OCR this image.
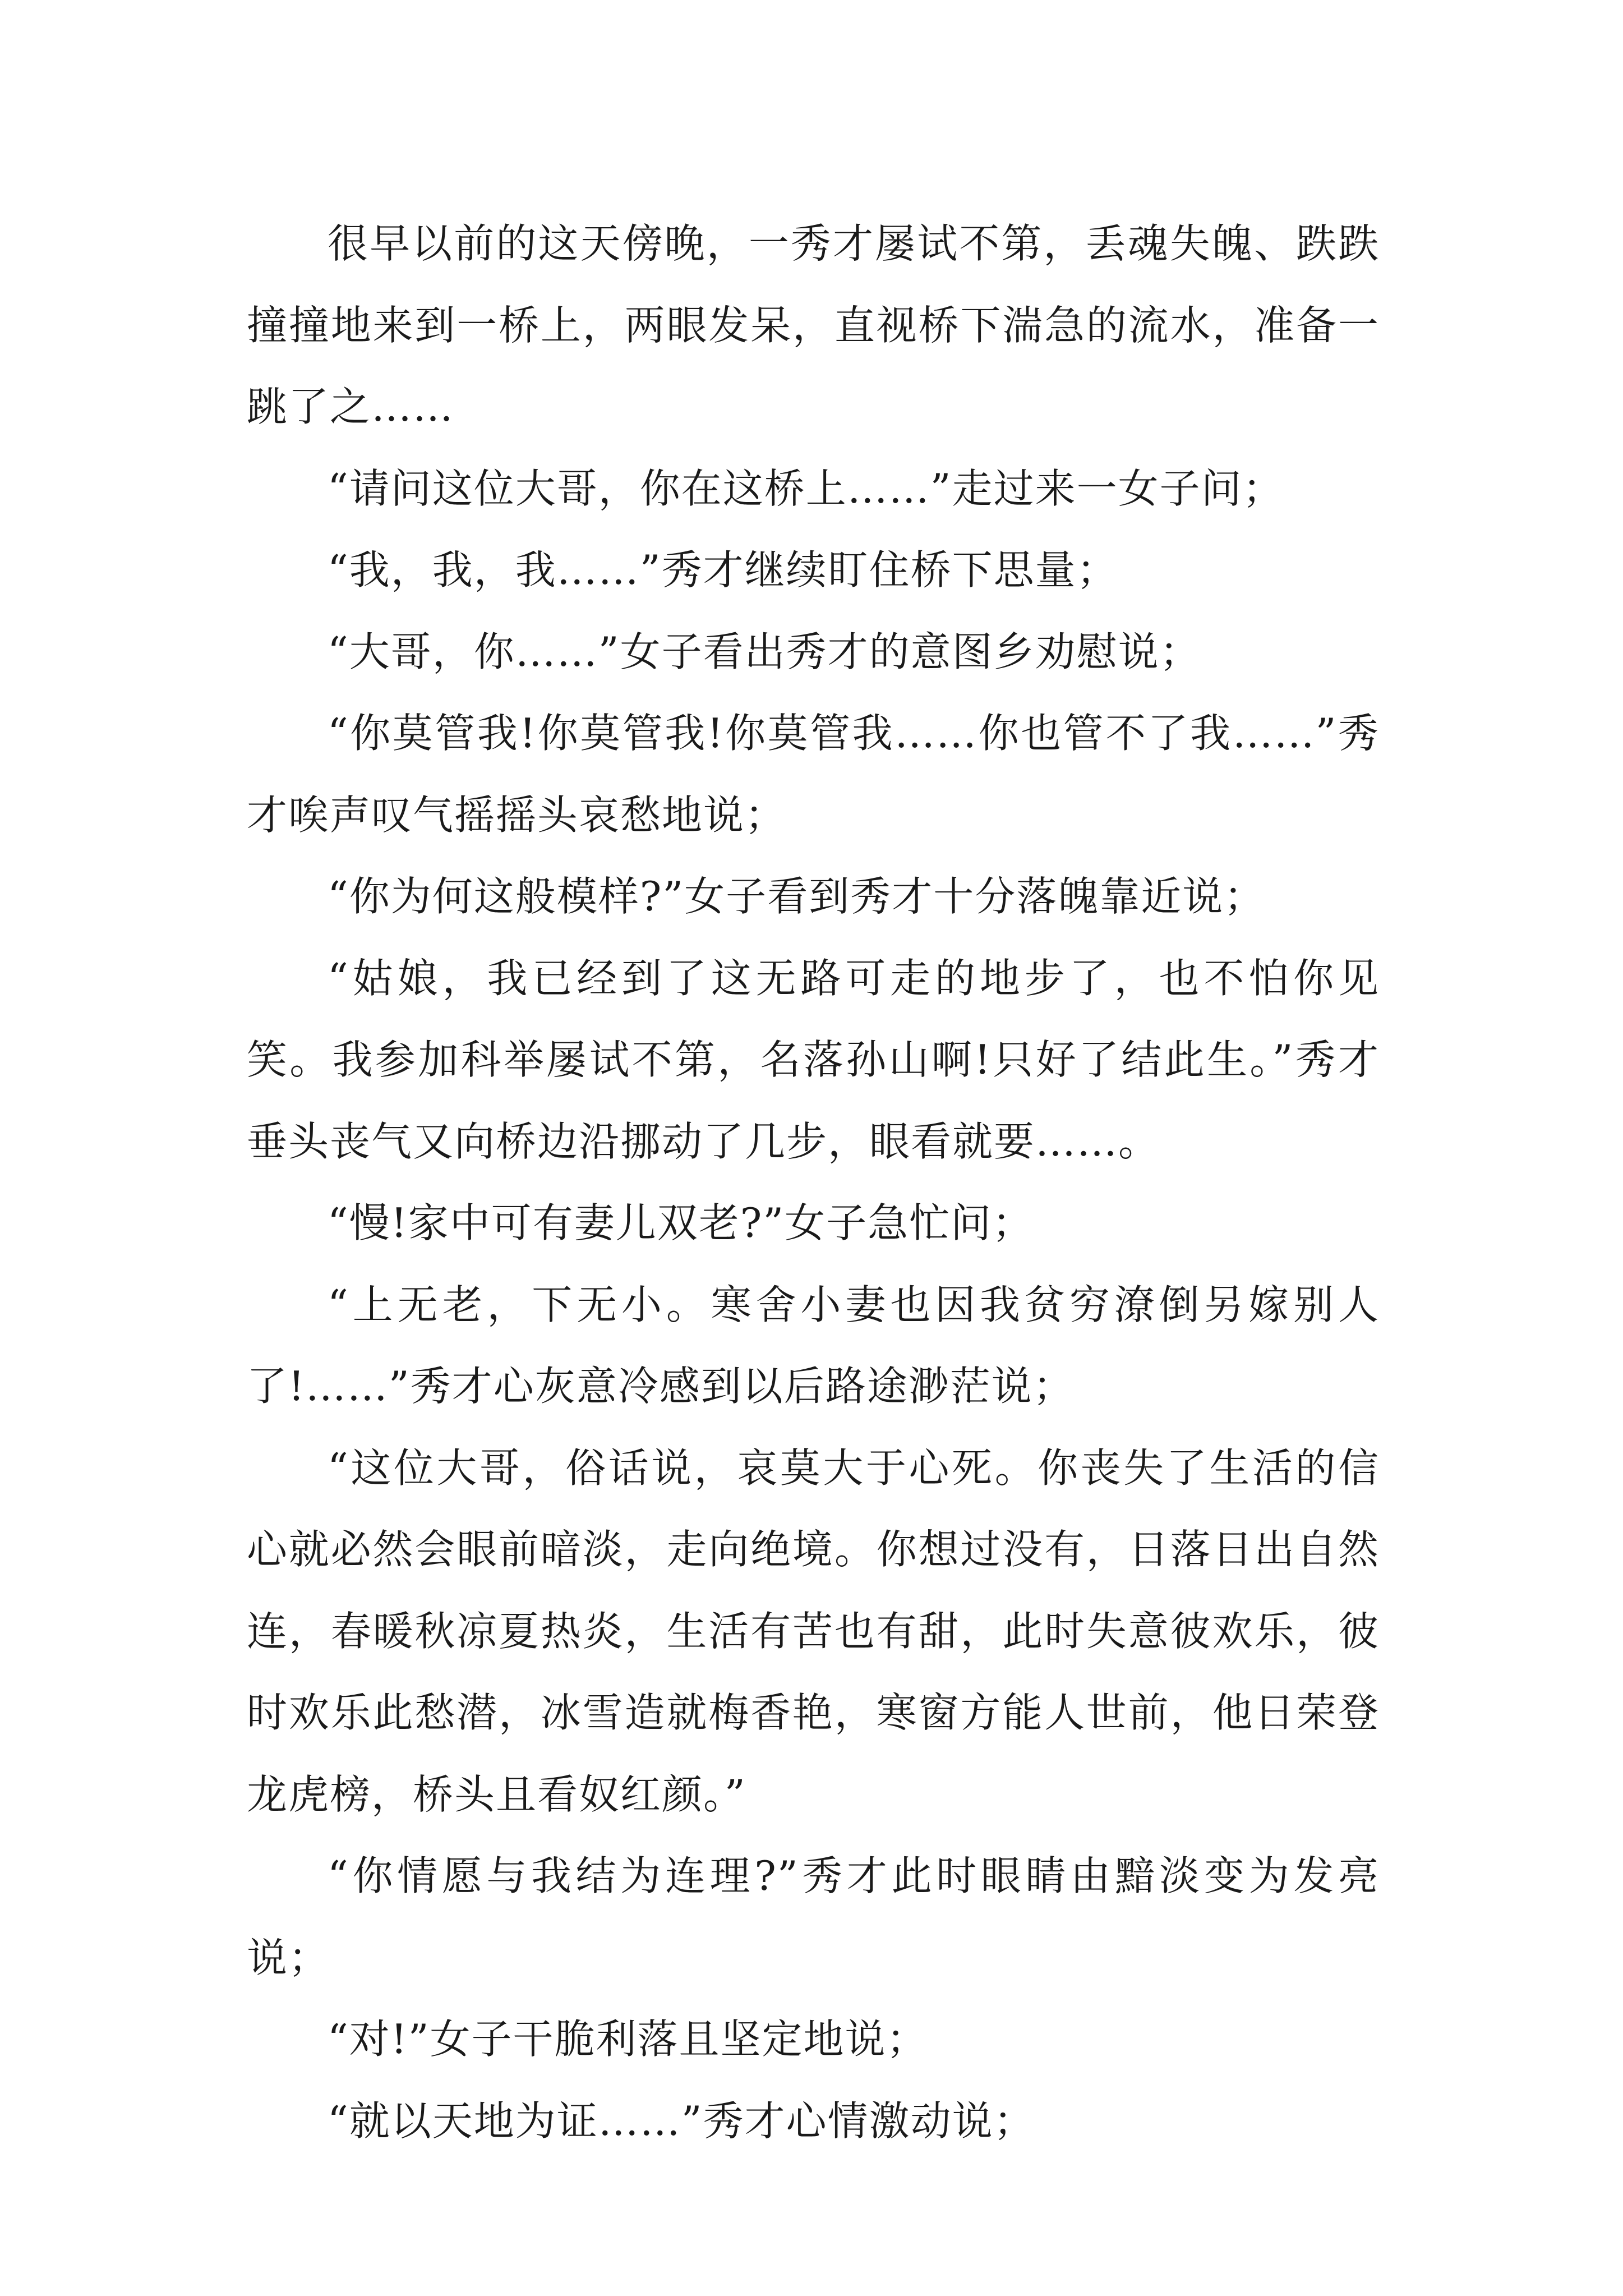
很早以前的这天傍晚，一秀才屡试不第，丢魂失魄、跌跌撞撞地来到一桥上，两眼发呆，直视桥下湍急的流水，准备一跳了之……

“请问这位大哥，你在这桥上……”走过来一女子问；

“我，我，我……”秀才继续盯住桥下思量；

“大哥，你……”女子看出秀才的意图乡劝慰说；

“你莫管我!你莫管我!你莫管我……你也管不了我……”秀才唉声叹气摇摇头哀愁地说；

“你为何这般模样?”女子看到秀才十分落魄靠近说；

“姑娘，我已经到了这无路可走的地步了，也不怕你见笑。我参加科举屡试不第，名落孙山啊!只好了结此生。”秀才垂头丧气又向桥边沿挪动了几步，眼看就要……。

“慢!家中可有妻儿双老?”女子急忙问；

“上无老，下无小。寒舍小妻也因我贫穷潦倒另嫁别人了!……”秀才心灰意冷感到以后路途渺茫说；

“这位大哥，俗话说，哀莫大于心死。你丧失了生活的信心就必然会眼前暗淡，走向绝境。你想过没有，日落日出自然连，春暖秋凉夏热炎，生活有苦也有甜，此时失意彼欢乐，彼时欢乐此愁潜，冰雪造就梅香艳，寒窗方能人世前，他日荣登龙虎榜，桥头且看奴红颜。”

“你情愿与我结为连理?”秀才此时眼睛由黯淡变为发亮说；

“对!”女子干脆利落且坚定地说；

“就以天地为证……”秀才心情激动说；
